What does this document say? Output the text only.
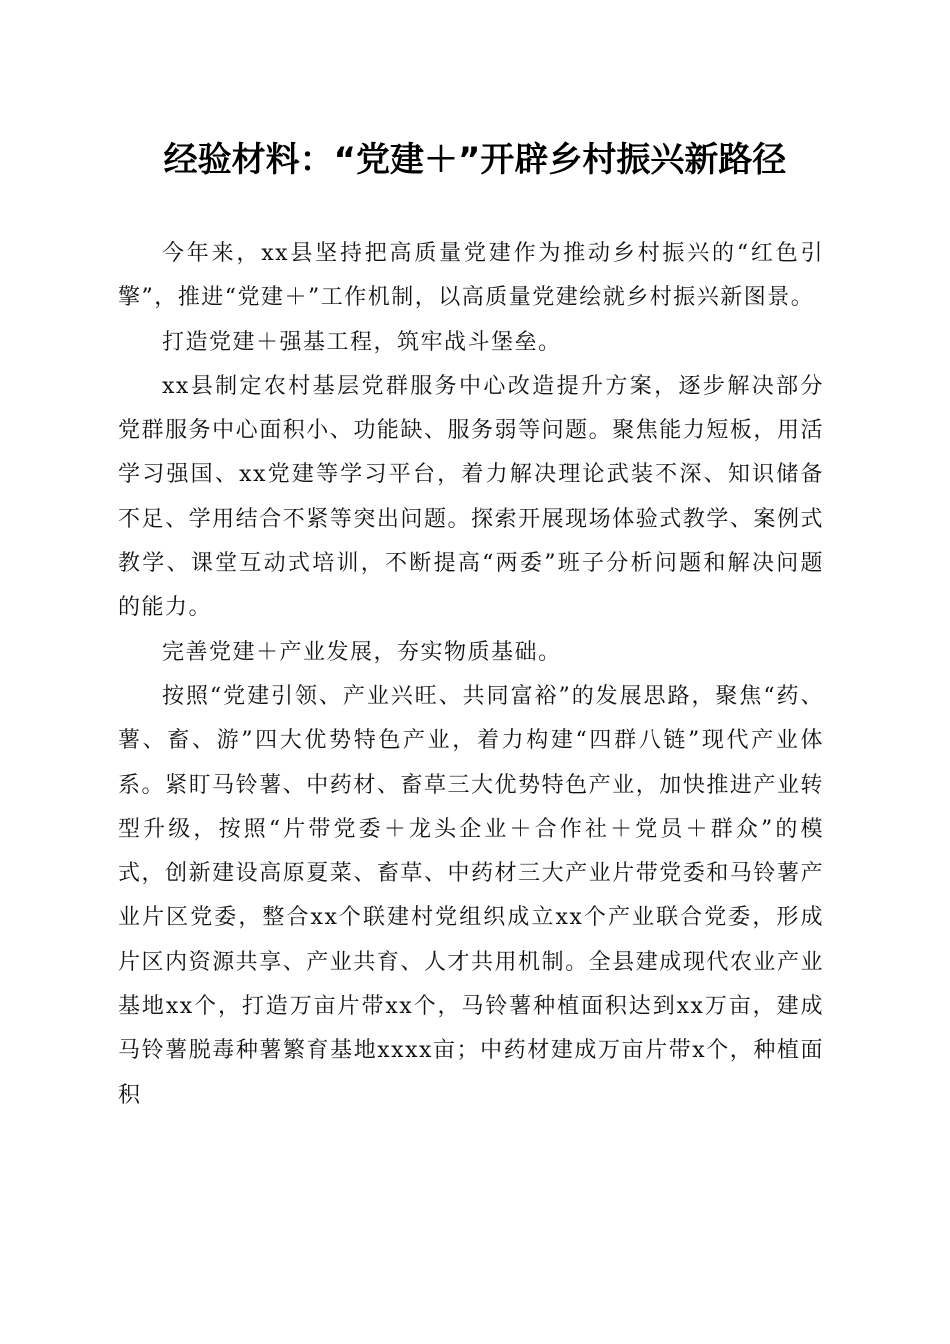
经验材料：“党建＋”开辟乡村振兴新路径

今年来，xx县坚持把高质量党建作为推动乡村振兴的“红色引擎”，推进“党建＋”工作机制，以高质量党建绘就乡村振兴新图景。

打造党建＋强基工程，筑牢战斗堡垒。

xx县制定农村基层党群服务中心改造提升方案，逐步解决部分党群服务中心面积小、功能缺、服务弱等问题。聚焦能力短板，用活学习强国、xx党建等学习平台，着力解决理论武装不深、知识储备不足、学用结合不紧等突出问题。探索开展现场体验式教学、案例式教学、课堂互动式培训，不断提高“两委”班子分析问题和解决问题的能力。

完善党建＋产业发展，夯实物质基础。

按照“党建引领、产业兴旺、共同富裕”的发展思路，聚焦“药、薯、畜、游”四大优势特色产业，着力构建“四群八链”现代产业体系。紧盯马铃薯、中药材、畜草三大优势特色产业，加快推进产业转型升级，按照“片带党委＋龙头企业＋合作社＋党员＋群众”的模式，创新建设高原夏菜、畜草、中药材三大产业片带党委和马铃薯产业片区党委，整合xx个联建村党组织成立xx个产业联合党委，形成片区内资源共享、产业共育、人才共用机制。全县建成现代农业产业基地xx个，打造万亩片带xx个，马铃薯种植面积达到xx万亩，建成马铃薯脱毒种薯繁育基地xxxx亩；中药材建成万亩片带x个，种植面积
